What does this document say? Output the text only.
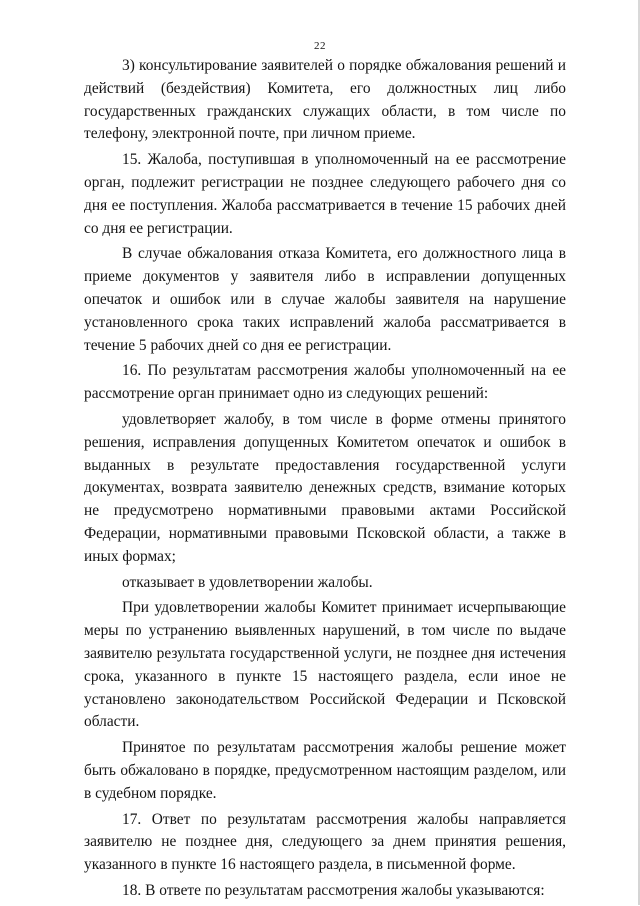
22

3) консультирование заявителей о порядке обжалования решений и действий (бездействия) Комитета, его должностных лиц либо государственных гражданских служащих области, в том числе по телефону, электронной почте, при личном приеме.

15. Жалоба, поступившая в уполномоченный на ее рассмотрение орган, подлежит регистрации не позднее следующего рабочего дня со дня ее поступления. Жалоба рассматривается в течение 15 рабочих дней со дня ее регистрации.

В случае обжалования отказа Комитета, его должностного лица в приеме документов у заявителя либо в исправлении допущенных опечаток и ошибок или в случае жалобы заявителя на нарушение установленного срока таких исправлений жалоба рассматривается в течение 5 рабочих дней со дня ее регистрации.

16. По результатам рассмотрения жалобы уполномоченный на ее рассмотрение орган принимает одно из следующих решений:

удовлетворяет жалобу, в том числе в форме отмены принятого решения, исправления допущенных Комитетом опечаток и ошибок в выданных в результате предоставления государственной услуги документах, возврата заявителю денежных средств, взимание которых не предусмотрено нормативными правовыми актами Российской Федерации, нормативными правовыми Псковской области, а также в иных формах;

отказывает в удовлетворении жалобы.

При удовлетворении жалобы Комитет принимает исчерпывающие меры по устранению выявленных нарушений, в том числе по выдаче заявителю результата государственной услуги, не позднее дня истечения срока, указанного в пункте 15 настоящего раздела, если иное не установлено законодательством Российской Федерации и Псковской области.

Принятое по результатам рассмотрения жалобы решение может быть обжаловано в порядке, предусмотренном настоящим разделом, или в судебном порядке.

17. Ответ по результатам рассмотрения жалобы направляется заявителю не позднее дня, следующего за днем принятия решения, указанного в пункте 16 настоящего раздела, в письменной форме.

18. В ответе по результатам рассмотрения жалобы указываются:
